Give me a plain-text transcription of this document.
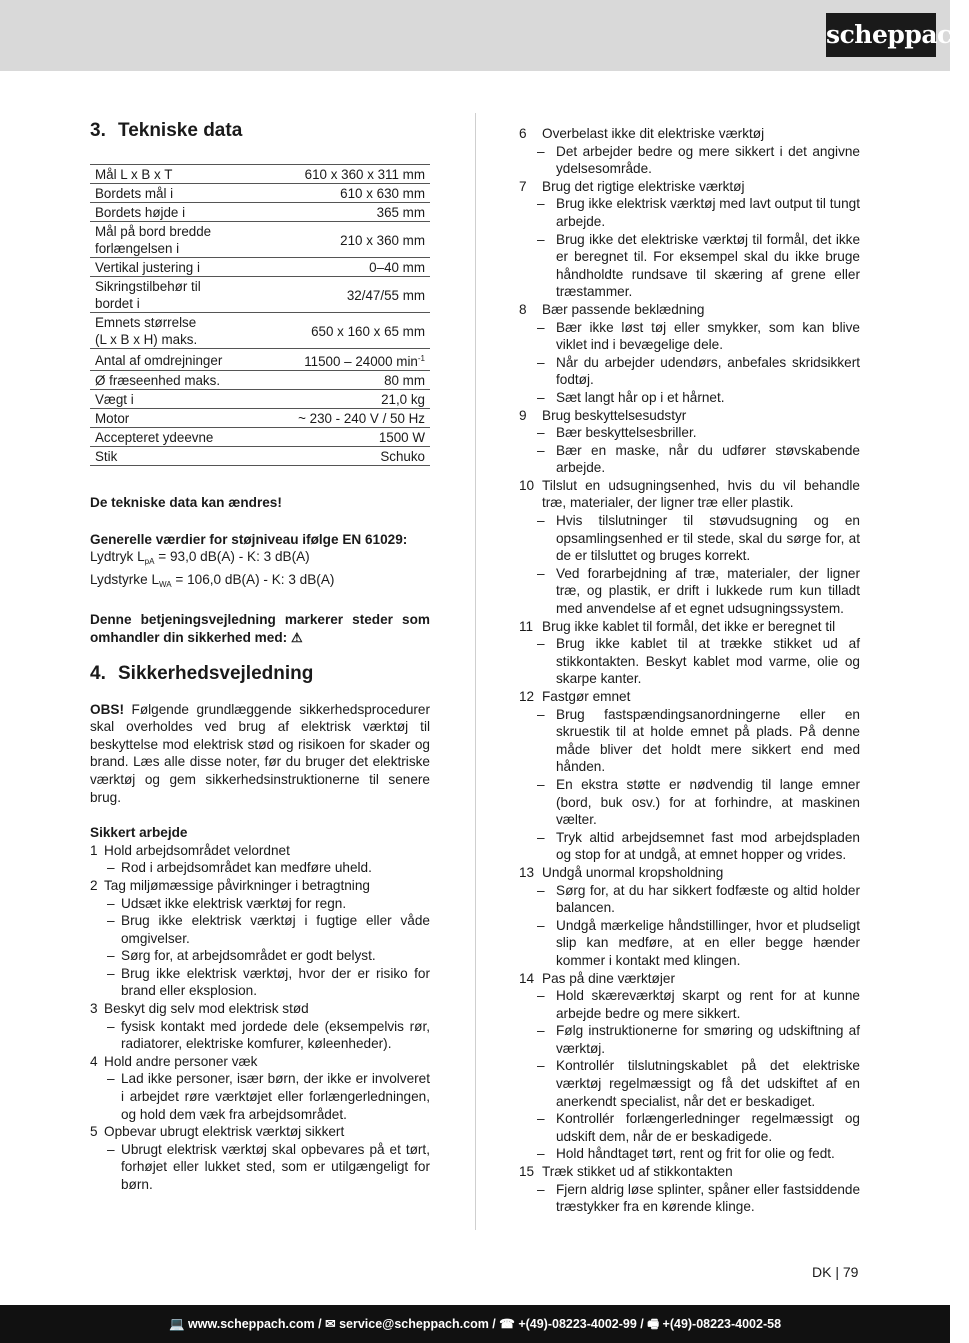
scheppach
3. Tekniske data
Mål L x B x T	610 x 360 x 311 mm
Bordets mål i	610 x 630 mm
Bordets højde i	365 mm
Mål på bord bredde
forlængelsen i	210 x 360 mm
Vertikal justering i	0–40 mm
Sikringstilbehør til
bordet i	32/47/55 mm
Emnets størrelse
(L x B x H) maks.	650 x 160 x 65 mm
Antal af omdrejninger	11500 – 24000 $\min^{-1}$
Ø fræseenhed maks.	80 mm
Vægt i	21,0 kg
Motor	~ 230 - 240 V / 50 Hz
Accepteret ydeevne	1500 W
Stik	Schuko

De tekniske data kan ændres!

Generelle værdier for støjniveau ifølge EN 61029:

Lydtryk $L_{pA} = 93,0$ dB(A) - K: 3 dB(A)

Lydstyrke $L_{WA} = 106,0$ dB(A) - K: 3 dB(A)

Denne betjeningsvejledning markerer steder som omhandler din sikkerhed med: ⚠

4. Sikkerhedsvejledning

OBS! Følgende grundlæggende sikkerhedsprocedurer skal overholdes ved brug af elektrisk værktøj til beskyttelse mod elektrisk stød og risikoen for skader og brand. Læs alle disse noter, før du bruger det elektriske værktøj og gem sikkerhedsinstruktionerne til senere brug.

Sikkert arbejde

1 Hold arbejdsområdet velordnet
– Rod i arbejdsområdet kan medføre uheld.
2 Tag miljømæssige påvirkninger i betragtning
– Udsæt ikke elektrisk værktøj for regn.
– Brug ikke elektrisk værktøj i fugtige eller våde omgivelser.
– Sørg for, at arbejdsområdet er godt belyst.
– Brug ikke elektrisk værktøj, hvor der er risiko for brand eller eksplosion.
3 Beskyt dig selv mod elektrisk stød
– fysisk kontakt med jordede dele (eksempelvis rør, radiatorer, elektriske komfurer, køleenheder).
4 Hold andre personer væk
– Lad ikke personer, især børn, der ikke er involveret i arbejdet røre værktøjet eller forlængerledningen, og hold dem væk fra arbejdsområdet.
5 Opbevar ubrugt elektrisk værktøj sikkert
– Ubrugt elektrisk værktøj skal opbevares på et tørt, forhøjet eller lukket sted, som er utilgængeligt for børn.
6 Overbelast ikke dit elektriske værktøj
– Det arbejder bedre og mere sikkert i det angivne ydelsesområde.
7 Brug det rigtige elektriske værktøj
– Brug ikke elektrisk værktøj med lavt output til tungt arbejde.
– Brug ikke det elektriske værktøj til formål, det ikke er beregnet til. For eksempel skal du ikke bruge håndholdte rundsave til skæring af grene eller træstammer.
8 Bær passende beklædning
– Bær ikke løst tøj eller smykker, som kan blive viklet ind i bevægelige dele.
– Når du arbejder udendørs, anbefales skridsikkert fodtøj.
– Sæt langt hår op i et hårnet.
9 Brug beskyttelsesudstyr
– Bær beskyttelsesbriller.
– Bær en maske, når du udfører støvskabende arbejde.
10 Tilslut en udsugningsenhed, hvis du vil behandle træ, materialer, der ligner træ eller plastik.
– Hvis tilslutninger til støvudsugning og en opsamlingsenhed er til stede, skal du sørge for, at de er tilsluttet og bruges korrekt.
– Ved forarbejdning af træ, materialer, der ligner træ, og plastik, er drift i lukkede rum kun tilladt med anvendelse af et egnet udsugningssystem.
11 Brug ikke kablet til formål, det ikke er beregnet til
– Brug ikke kablet til at trække stikket ud af stikkontakten. Beskyt kablet mod varme, olie og skarpe kanter.
12 Fastgør emnet
– Brug fastspændingsanordningerne eller en skruestik til at holde emnet på plads. På denne måde bliver det holdt mere sikkert end med hånden.
– En ekstra støtte er nødvendig til lange emner (bord, buk osv.) for at forhindre, at maskinen vælter.
– Tryk altid arbejdsemnet fast mod arbejdspladen og stop for at undgå, at emnet hopper og vrides.
13 Undgå unormal kropsholdning
– Sørg for, at du har sikkert fodfæste og altid holder balancen.
– Undgå mærkelige håndstillinger, hvor et pludseligt slip kan medføre, at en eller begge hænder kommer i kontakt med klingen.
14 Pas på dine værktøjer
– Hold skæreværktøj skarpt og rent for at kunne arbejde bedre og mere sikkert.
– Følg instruktionerne for smøring og udskiftning af værktøj.
– Kontrollér tilslutningskablet på det elektriske værktøj regelmæssigt og få det udskiftet af en anerkendt specialist, når det er beskadiget.
– Kontrollér forlængerledninger regelmæssigt og udskift dem, når de er beskadigede.
– Hold håndtaget tørt, rent og frit for olie og fedt.
15 Træk stikket ud af stikkontakten
– Fjern aldrig løse splinter, spåner eller fastsiddende træstykker fra en kørende klinge.
DK | 79
💻 www.scheppach.com / ✉ service@scheppach.com / ☎ +(49)-08223-4002-99 / 🖷 +(49)-08223-4002-58
